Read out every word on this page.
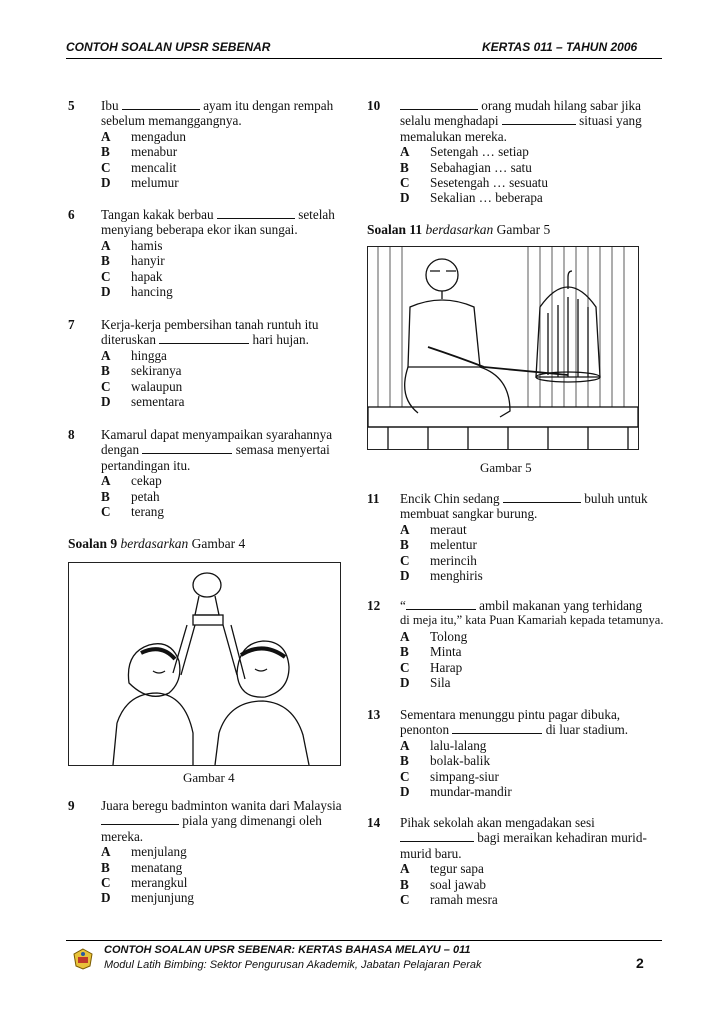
CONTOH SOALAN UPSR SEBENAR	KERTAS 011 – TAHUN 2006
5 Ibu	ayam itu dengan rempah
sebelum memanggangnya.
A	mengadun
B	menabur
C	mencalit
D	melumur
6 Tangan kakak berbau	setelah
menyiang beberapa ekor ikan sungai.
A	hamis
B	hanyir
C	hapak
D	hancing
7 Kerja-kerja pembersihan tanah runtuh itu
diteruskan	hari hujan.
A	hingga
B	sekiranya
C	walaupun
D	sementara
8 Kamarul dapat menyampaikan syarahannya
dengan	semasa menyertai
pertandingan itu.
A	cekap
B	petah
C	terang
Soalan 9 berdasarkan Gambar 4
Gambar 4
9 Juara beregu badminton wanita dari Malaysia
piala yang dimenangi oleh
mereka.
A	menjulang
B	menatang
C	merangkul
D	menjunjung
10	orang mudah hilang sabar jika
selalu menghadapi	situasi yang
memalukan mereka.
A	Setengah … setiap
B	Sebahagian … satu
C	Sesetengah … sesuatu
D	Sekalian … beberapa
Soalan 11 berdasarkan Gambar 5
Gambar 5
11 Encik Chin sedang	buluh untuk
membuat sangkar burung.
A	meraut
B	melentur
C	merincih
D	menghiris
12 “	ambil makanan yang terhidang
di meja itu,” kata Puan Kamariah kepada tetamunya.
A	Tolong
B	Minta
C	Harap
D	Sila
13 Sementara menunggu pintu pagar dibuka,
penonton	di luar stadium.
A	lalu-lalang
B	bolak-balik
C	simpang-siur
D	mundar-mandir
14 Pihak sekolah akan mengadakan sesi
bagi meraikan kehadiran murid-
murid baru.
A	tegur sapa
B	soal jawab
C	ramah mesra
CONTOH SOALAN UPSR SEBENAR: KERTAS BAHASA MELAYU – 011
Modul Latih Bimbing: Sektor Pengurusan Akademik, Jabatan Pelajaran Perak	2
